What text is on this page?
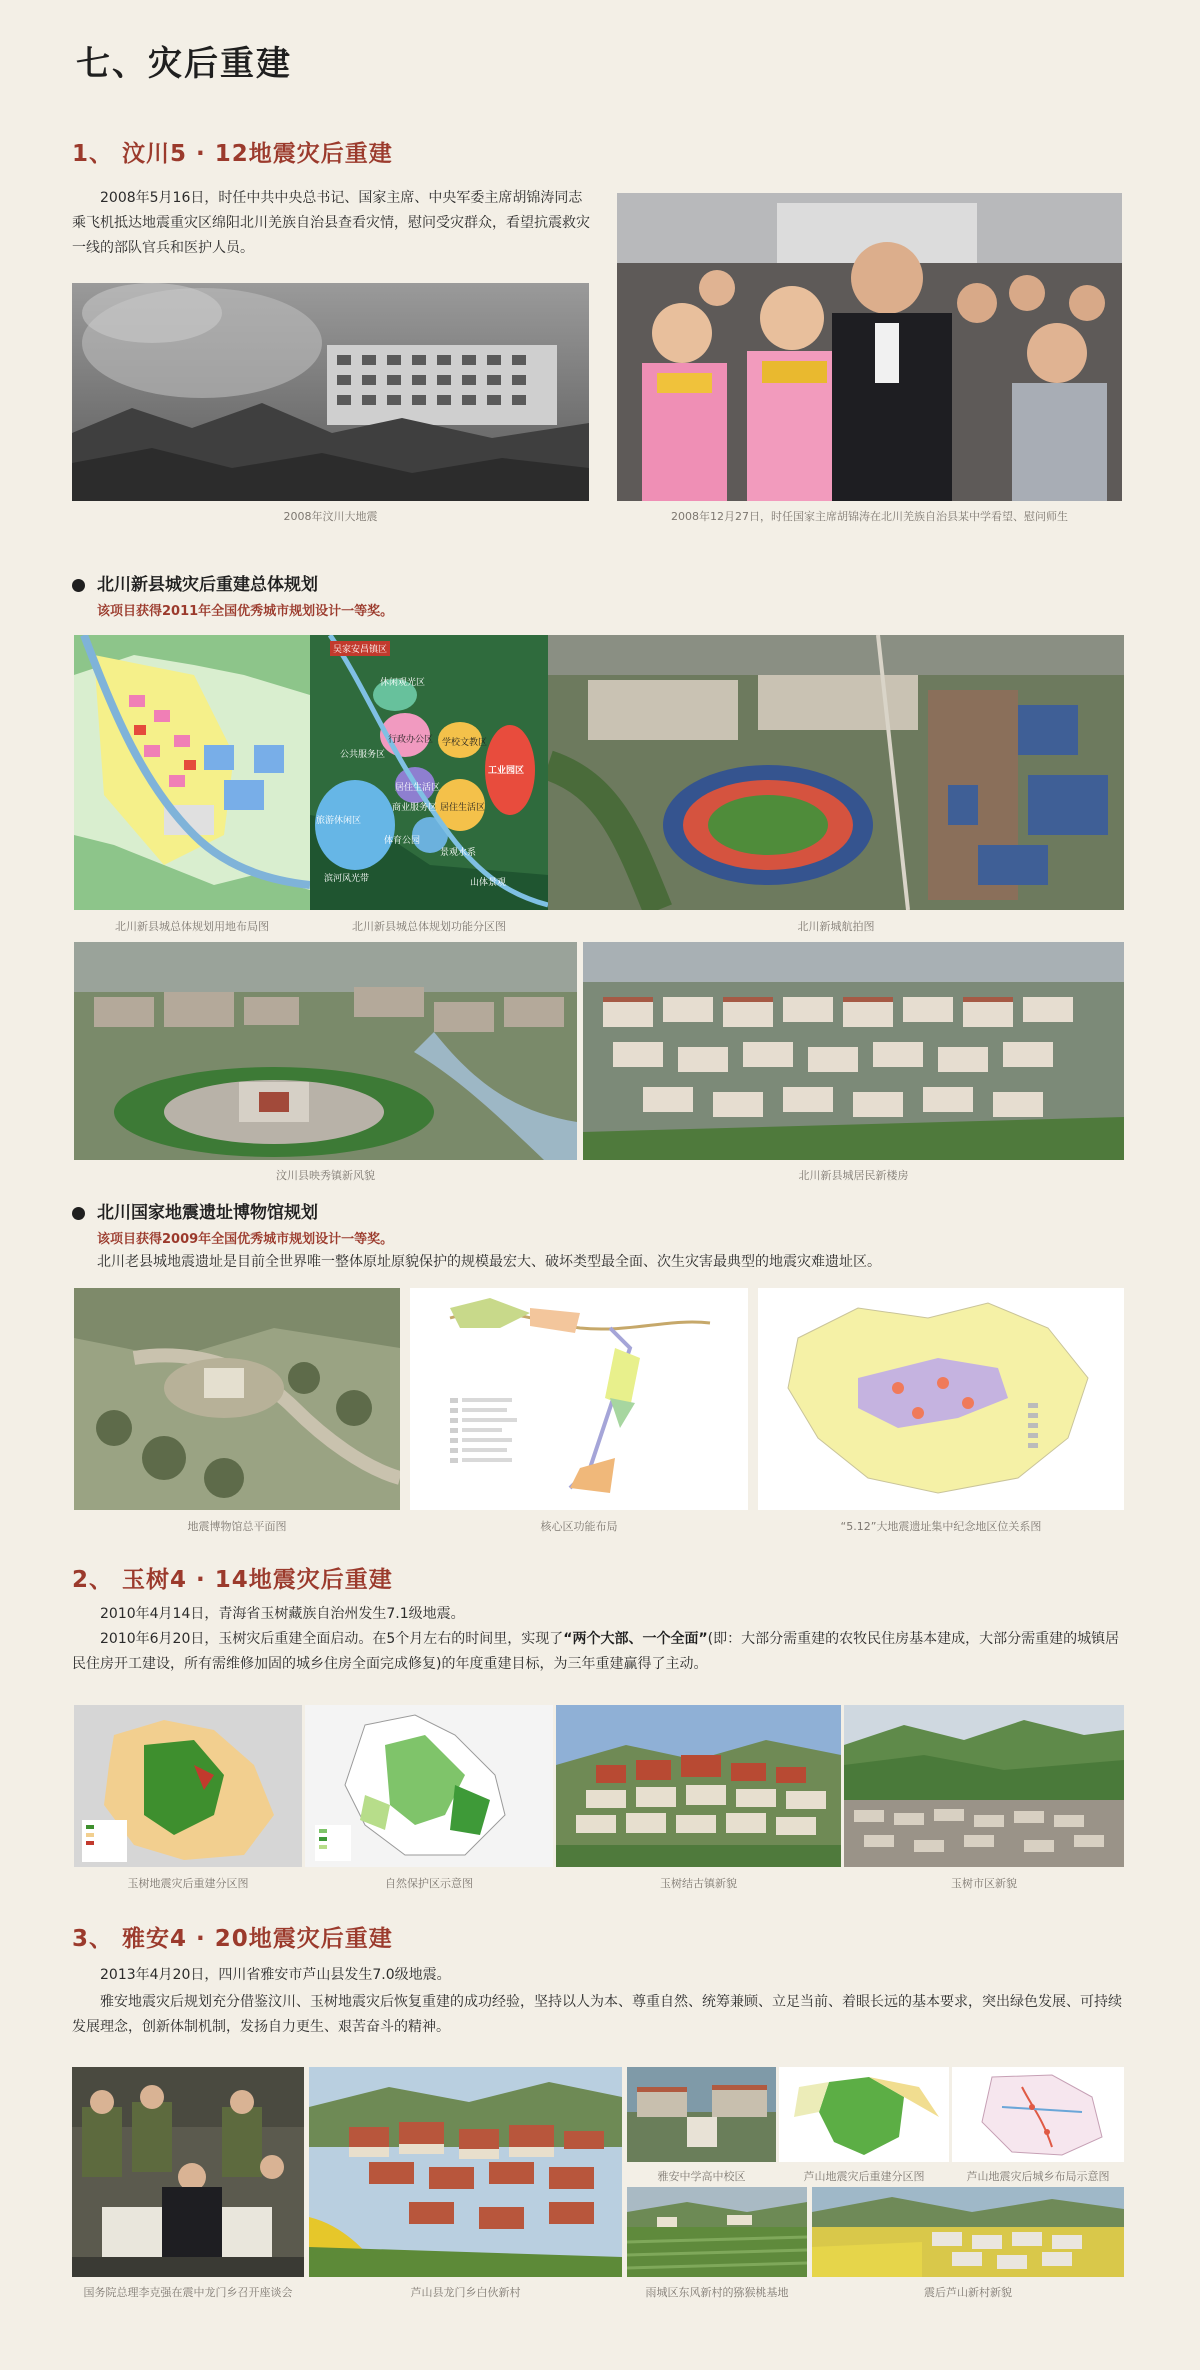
七、灾后重建
1、 汶川5 · 12地震灾后重建
2008年5月16日，时任中共中央总书记、国家主席、中央军委主席胡锦涛同志乘飞机抵达地震重灾区绵阳北川羌族自治县查看灾情，慰问受灾群众，看望抗震救灾一线的部队官兵和医护人员。
2008年汶川大地震	2008年12月27日，时任国家主席胡锦涛在北川羌族自治县某中学看望、慰问师生
北川新县城灾后重建总体规划
该项目获得2011年全国优秀城市规划设计一等奖。
吴家安昌镇区
休闲观光区
行政办公区
公共服务区
学校文教区
居住生活区
商业服务区
旅游休闲区
居住生活区
工业园区
体育公园
景观水系
山体景观
滨河风光带
北川新县城总体规划用地布局图	北川新县城总体规划功能分区图	北川新城航拍图
汶川县映秀镇新风貌	北川新县城居民新楼房
北川国家地震遗址博物馆规划
该项目获得2009年全国优秀城市规划设计一等奖。
北川老县城地震遗址是目前全世界唯一整体原址原貌保护的规模最宏大、破坏类型最全面、次生灾害最典型的地震灾难遗址区。
地震博物馆总平面图	核心区功能布局	“5.12”大地震遗址集中纪念地区位关系图
2、 玉树4 · 14地震灾后重建
2010年4月14日，青海省玉树藏族自治州发生7.1级地震。
2010年6月20日，玉树灾后重建全面启动。在5个月左右的时间里，实现了“两个大部、一个全面”(即：大部分需重建的农牧民住房基本建成，大部分需重建的城镇居民住房开工建设，所有需维修加固的城乡住房全面完成修复)的年度重建目标，为三年重建赢得了主动。
玉树地震灾后重建分区图	自然保护区示意图	玉树结古镇新貌	玉树市区新貌
3、 雅安4 · 20地震灾后重建
2013年4月20日，四川省雅安市芦山县发生7.0级地震。
雅安地震灾后规划充分借鉴汶川、玉树地震灾后恢复重建的成功经验，坚持以人为本、尊重自然、统筹兼顾、立足当前、着眼长远的基本要求，突出绿色发展、可持续发展理念，创新体制机制，发扬自力更生、艰苦奋斗的精神。
雅安中学高中校区	芦山地震灾后重建分区图	芦山地震灾后城乡布局示意图
国务院总理李克强在震中龙门乡召开座谈会	芦山县龙门乡白伙新村	雨城区东风新村的猕猴桃基地	震后芦山新村新貌
